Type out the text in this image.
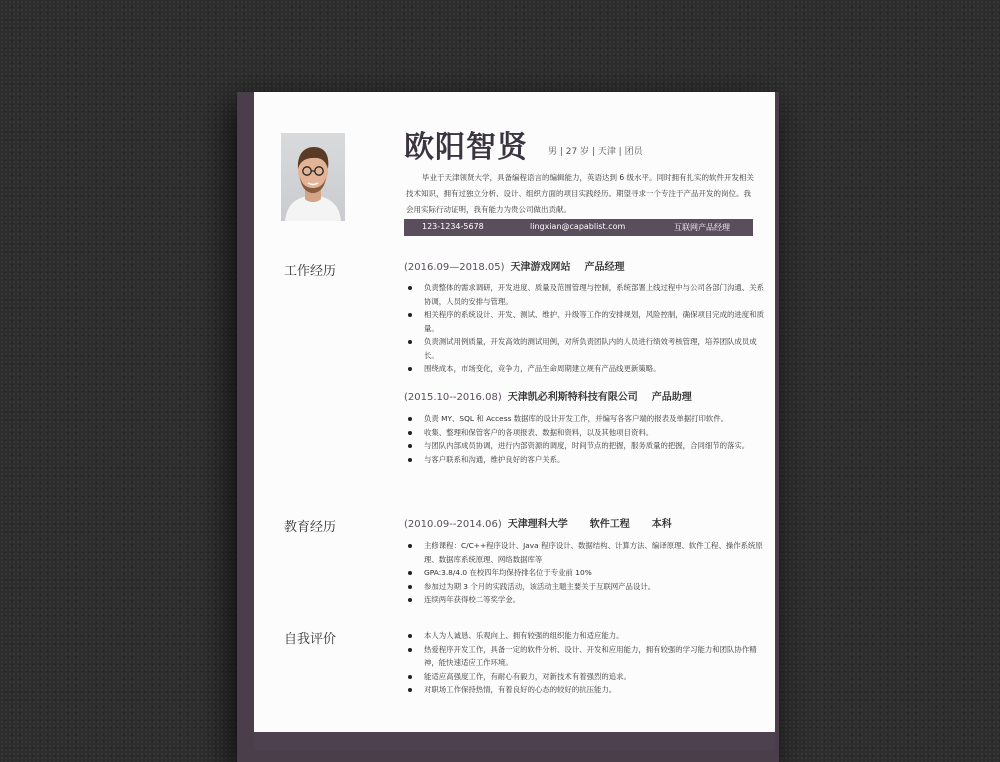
欧阳智贤 男 | 27 岁 | 天津 | 团员

毕业于天津领贤大学，具备编程语言的编辑能力，英语达到 6 级水平。同时拥有扎实的软件开发相关技术知识，拥有过独立分析、设计、组织方面的项目实践经历。期望寻求一个专注于产品开发的岗位。我会用实际行动证明，我有能力为贵公司做出贡献。

123-1234-5678	lingxian@capablist.com	互联网产品经理
工作经历	(2016.09—2018.05) 天津游戏网站 产品经理
负责整体的需求调研，开发进度、质量及范围管理与控制，系统部署上线过程中与公司各部门沟通、关系协调，人员的安排与管理。
相关程序的系统设计、开发、测试、维护、升级等工作的安排规划，风险控制，确保项目完成的进度和质量。
负责测试用例质量，开发高效的测试用例，对所负责团队内的人员进行绩效考核管理，培养团队成员成长。
围绕成本，市场变化，竞争力，产品生命周期建立规有产品线更新策略。
(2015.10--2016.08) 天津凯必利斯特科技有限公司 产品助理
负责 MY、SQL 和 Access 数据库的设计开发工作，并编写各客户端的报表及单据打印软件。
收集、整理和保管客户的各项报表、数据和资料，以及其他项目资料。
与团队内部成员协调，进行内部资源的调度，时间节点的把握，服务质量的把握，合同细节的落实。
与客户联系和沟通，维护良好的客户关系。
教育经历	(2010.09--2014.06) 天津理科大学 软件工程 本科
主修课程：C/C++程序设计、Java 程序设计、数据结构、计算方法、编译原理、软件工程、操作系统原理、数据库系统原理、网络数据库等
GPA:3.8/4.0 在校四年均保持排名位于专业前 10%
参加过为期 3 个月的实践活动，该活动主题主要关于互联网产品设计。
连续两年获得校二等奖学金。
自我评价	本人为人诚恳、乐观向上、拥有较强的组织能力和适应能力。
热爱程序开发工作，具备一定的软件分析、设计、开发和应用能力，拥有较强的学习能力和团队协作精神，能快速适应工作环境。
能适应高强度工作，有耐心有毅力，对新技术有着强烈的追求。
对职场工作保持热情，有着良好的心态的较好的抗压能力。
